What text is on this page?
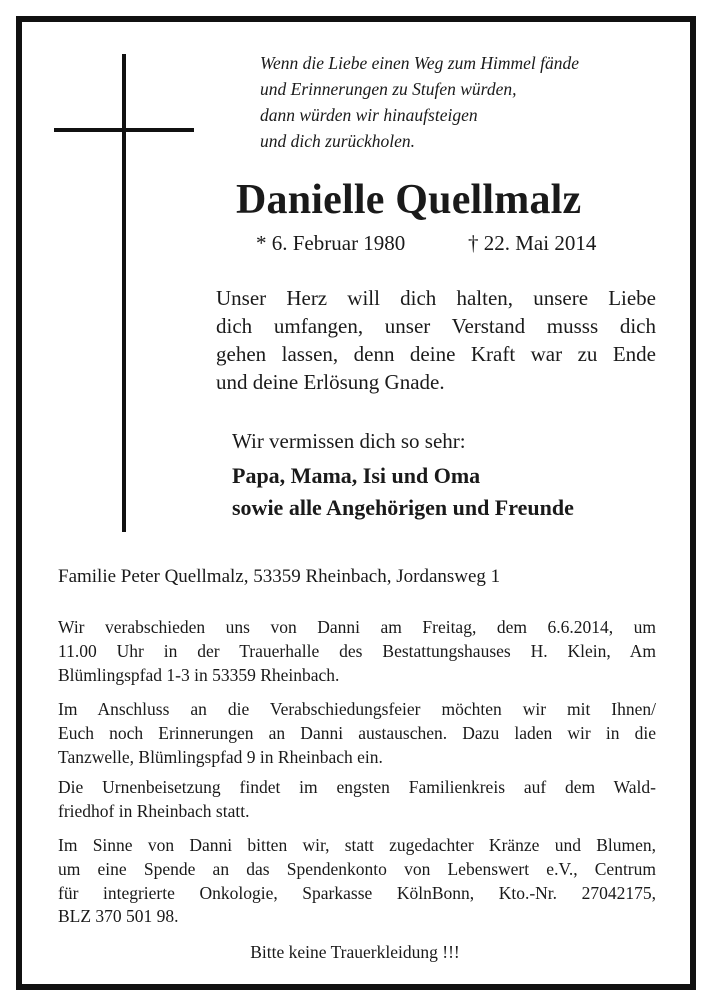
Wenn die Liebe einen Weg zum Himmel fände
und Erinnerungen zu Stufen würden,
dann würden wir hinaufsteigen
und dich zurückholen.
Danielle Quellmalz
* 6. Februar 1980	† 22. Mai 2014
Unser Herz will dich halten, unsere Liebe
dich umfangen, unser Verstand musss dich
gehen lassen, denn deine Kraft war zu Ende
und deine Erlösung Gnade.
Wir vermissen dich so sehr:
Papa, Mama, Isi und Oma
sowie alle Angehörigen und Freunde
Familie Peter Quellmalz, 53359 Rheinbach, Jordansweg 1
Wir verabschieden uns von Danni am Freitag, dem 6.6.2014, um
11.00 Uhr in der Trauerhalle des Bestattungshauses H. Klein, Am
Blümlingspfad 1-3 in 53359 Rheinbach.
Im Anschluss an die Verabschiedungsfeier möchten wir mit Ihnen/
Euch noch Erinnerungen an Danni austauschen. Dazu laden wir in die
Tanzwelle, Blümlingspfad 9 in Rheinbach ein.
Die Urnenbeisetzung findet im engsten Familienkreis auf dem Wald-
friedhof in Rheinbach statt.
Im Sinne von Danni bitten wir, statt zugedachter Kränze und Blumen,
um eine Spende an das Spendenkonto von Lebenswert e.V., Centrum
für integrierte Onkologie, Sparkasse KölnBonn, Kto.-Nr. 27042175,
BLZ 370 501 98.
Bitte keine Trauerkleidung !!!
